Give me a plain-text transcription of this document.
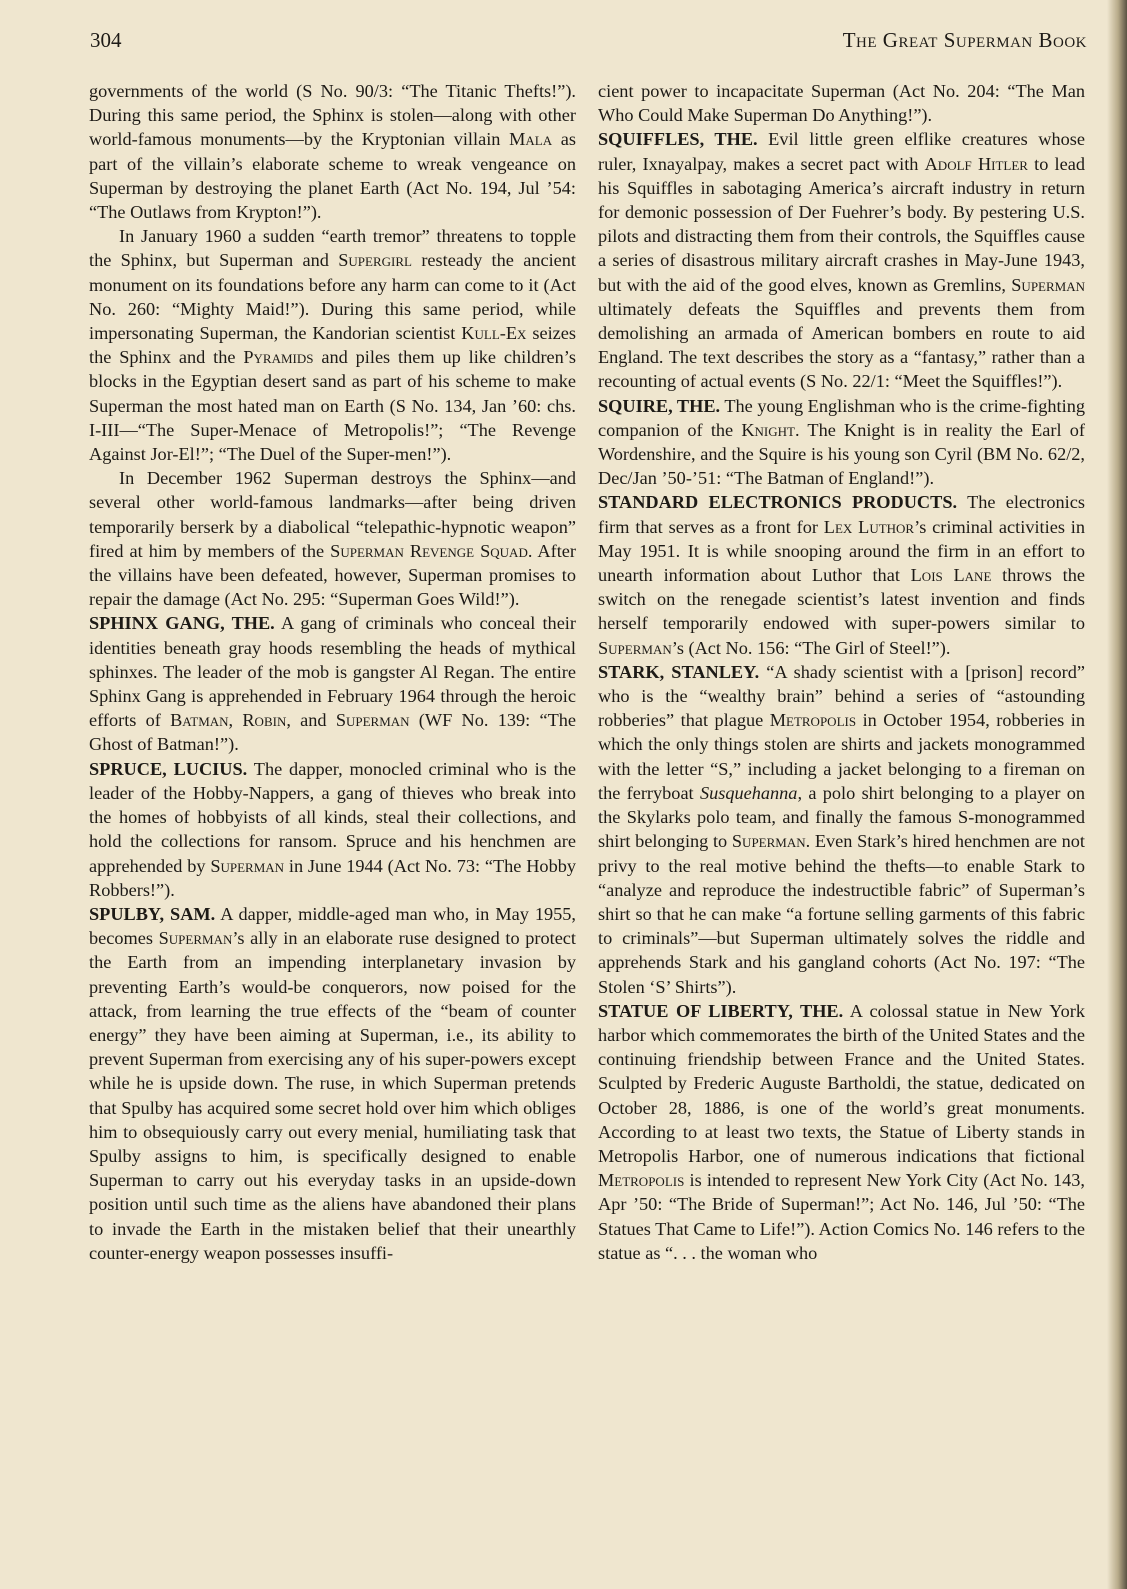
304	The Great Superman Book

governments of the world (S No. 90/3: “The Titanic Thefts!”). During this same period, the Sphinx is stolen—along with other world-famous monuments—by the Kryptonian villain Mala as part of the villain’s elaborate scheme to wreak vengeance on Superman by destroying the planet Earth (Act No. 194, Jul ’54: “The Outlaws from Krypton!”).

In January 1960 a sudden “earth tremor” threatens to topple the Sphinx, but Superman and Supergirl resteady the ancient monument on its foundations before any harm can come to it (Act No. 260: “Mighty Maid!”). During this same period, while impersonating Superman, the Kandorian scientist Kull-Ex seizes the Sphinx and the Pyramids and piles them up like children’s blocks in the Egyptian desert sand as part of his scheme to make Superman the most hated man on Earth (S No. 134, Jan ’60: chs. I-III—“The Super-Menace of Metropolis!”; “The Revenge Against Jor-El!”; “The Duel of the Super-men!”).

In December 1962 Superman destroys the Sphinx—and several other world-famous landmarks—after being driven temporarily berserk by a diabolical “telepathic-hypnotic weapon” fired at him by members of the Superman Revenge Squad. After the villains have been defeated, however, Superman promises to repair the damage (Act No. 295: “Superman Goes Wild!”).

SPHINX GANG, THE. A gang of criminals who conceal their identities beneath gray hoods resembling the heads of mythical sphinxes. The leader of the mob is gangster Al Regan. The entire Sphinx Gang is apprehended in February 1964 through the heroic efforts of Batman, Robin, and Superman (WF No. 139: “The Ghost of Batman!”).

SPRUCE, LUCIUS. The dapper, monocled criminal who is the leader of the Hobby-Nappers, a gang of thieves who break into the homes of hobbyists of all kinds, steal their collections, and hold the collections for ransom. Spruce and his henchmen are apprehended by Superman in June 1944 (Act No. 73: “The Hobby Robbers!”).

SPULBY, SAM. A dapper, middle-aged man who, in May 1955, becomes Superman’s ally in an elaborate ruse designed to protect the Earth from an impending interplanetary invasion by preventing Earth’s would-be conquerors, now poised for the attack, from learning the true effects of the “beam of counter energy” they have been aiming at Superman, i.e., its ability to prevent Superman from exercising any of his super-powers except while he is upside down. The ruse, in which Superman pretends that Spulby has acquired some secret hold over him which obliges him to obsequiously carry out every menial, humiliating task that Spulby assigns to him, is specifically designed to enable Superman to carry out his everyday tasks in an upside-down position until such time as the aliens have abandoned their plans to invade the Earth in the mistaken belief that their unearthly counter-energy weapon possesses insuffi-

cient power to incapacitate Superman (Act No. 204: “The Man Who Could Make Superman Do Anything!”).

SQUIFFLES, THE. Evil little green elflike creatures whose ruler, Ixnayalpay, makes a secret pact with Adolf Hitler to lead his Squiffles in sabotaging America’s aircraft industry in return for demonic possession of Der Fuehrer’s body. By pestering U.S. pilots and distracting them from their controls, the Squiffles cause a series of disastrous military aircraft crashes in May-June 1943, but with the aid of the good elves, known as Gremlins, Superman ultimately defeats the Squiffles and prevents them from demolishing an armada of American bombers en route to aid England. The text describes the story as a “fantasy,” rather than a recounting of actual events (S No. 22/1: “Meet the Squiffles!”).

SQUIRE, THE. The young Englishman who is the crime-fighting companion of the Knight. The Knight is in reality the Earl of Wordenshire, and the Squire is his young son Cyril (BM No. 62/2, Dec/Jan ’50-’51: “The Batman of England!”).

STANDARD ELECTRONICS PRODUCTS. The electronics firm that serves as a front for Lex Luthor’s criminal activities in May 1951. It is while snooping around the firm in an effort to unearth information about Luthor that Lois Lane throws the switch on the renegade scientist’s latest invention and finds herself temporarily endowed with super-powers similar to Superman’s (Act No. 156: “The Girl of Steel!”).

STARK, STANLEY. “A shady scientist with a [prison] record” who is the “wealthy brain” behind a series of “astounding robberies” that plague Metropolis in October 1954, robberies in which the only things stolen are shirts and jackets monogrammed with the letter “S,” including a jacket belonging to a fireman on the ferryboat Susquehanna, a polo shirt belonging to a player on the Skylarks polo team, and finally the famous S-monogrammed shirt belonging to Superman. Even Stark’s hired henchmen are not privy to the real motive behind the thefts—to enable Stark to “analyze and reproduce the indestructible fabric” of Superman’s shirt so that he can make “a fortune selling garments of this fabric to criminals”—but Superman ultimately solves the riddle and apprehends Stark and his gangland cohorts (Act No. 197: “The Stolen ‘S’ Shirts”).

STATUE OF LIBERTY, THE. A colossal statue in New York harbor which commemorates the birth of the United States and the continuing friendship between France and the United States. Sculpted by Frederic Auguste Bartholdi, the statue, dedicated on October 28, 1886, is one of the world’s great monuments. According to at least two texts, the Statue of Liberty stands in Metropolis Harbor, one of numerous indications that fictional Metropolis is intended to represent New York City (Act No. 143, Apr ’50: “The Bride of Superman!”; Act No. 146, Jul ’50: “The Statues That Came to Life!”). Action Comics No. 146 refers to the statue as “. . . the woman who
